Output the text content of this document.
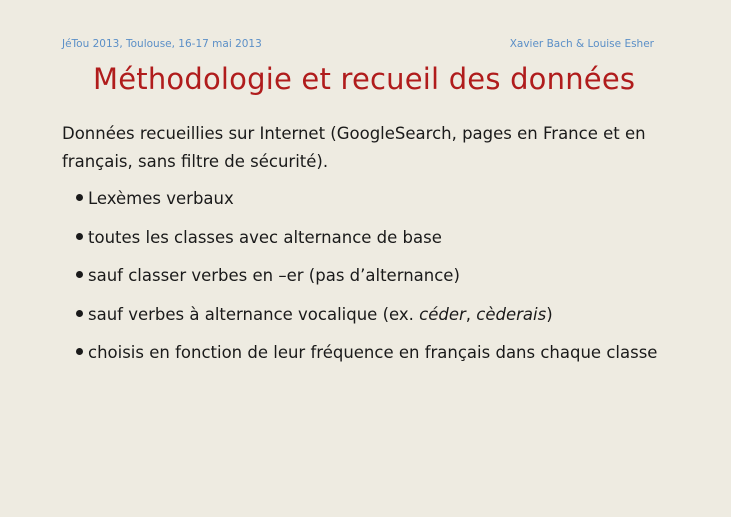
JéTou 2013, Toulouse, 16-17 mai 2013	Xavier Bach & Louise Esher
Méthodologie et recueil des données
Données recueillies sur Internet (GoogleSearch, pages en France et en français, sans filtre de sécurité).
Lexèmes verbaux
toutes les classes avec alternance de base
sauf classer verbes en –er (pas d’alternance)
sauf verbes à alternance vocalique (ex. céder, cèderais)
choisis en fonction de leur fréquence en français dans chaque classe
